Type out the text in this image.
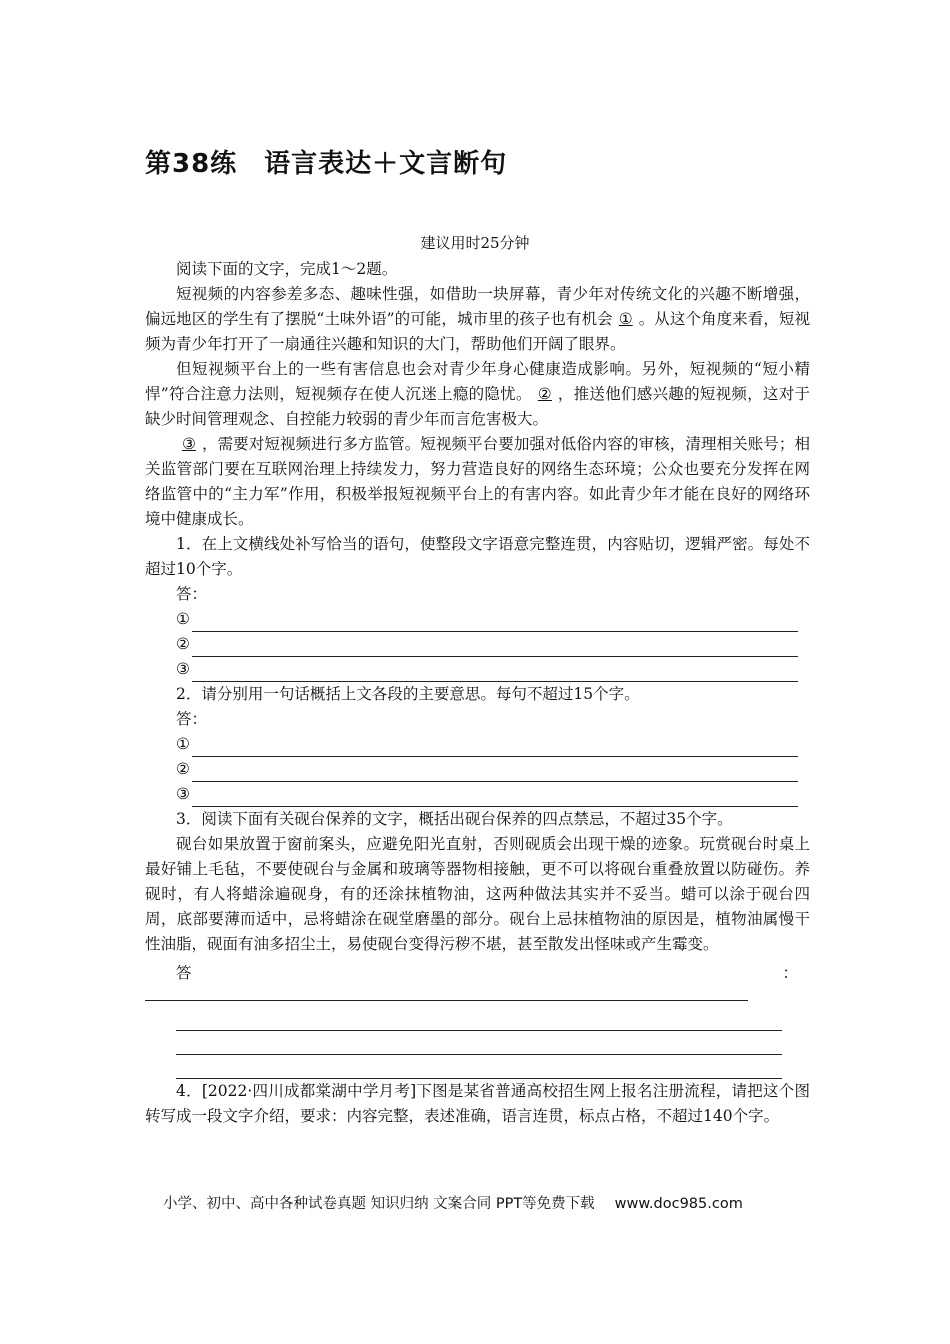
第38练　语言表达＋文言断句
建议用时25分钟

阅读下面的文字，完成1～2题。

短视频的内容参差多态、趣味性强，如借助一块屏幕，青少年对传统文化的兴趣不断增强，偏远地区的学生有了摆脱“土味外语”的可能，城市里的孩子也有机会 ① 。从这个角度来看，短视频为青少年打开了一扇通往兴趣和知识的大门，帮助他们开阔了眼界。

但短视频平台上的一些有害信息也会对青少年身心健康造成影响。另外，短视频的“短小精悍”符合注意力法则，短视频存在使人沉迷上瘾的隐忧。 ② ，推送他们感兴趣的短视频，这对于缺少时间管理观念、自控能力较弱的青少年而言危害极大。

③ ，需要对短视频进行多方监管。短视频平台要加强对低俗内容的审核，清理相关账号；相关监管部门要在互联网治理上持续发力，努力营造良好的网络生态环境；公众也要充分发挥在网络监管中的“主力军”作用，积极举报短视频平台上的有害内容。如此青少年才能在良好的网络环境中健康成长。

1．在上文横线处补写恰当的语句，使整段文字语意完整连贯，内容贴切，逻辑严密。每处不超过10个字。

答：

①
②
③

2．请分别用一句话概括上文各段的主要意思。每句不超过15个字。

答：

①
②
③

3．阅读下面有关砚台保养的文字，概括出砚台保养的四点禁忌，不超过35个字。

砚台如果放置于窗前案头，应避免阳光直射，否则砚质会出现干燥的迹象。玩赏砚台时桌上最好铺上毛毡，不要使砚台与金属和玻璃等器物相接触，更不可以将砚台重叠放置以防碰伤。养砚时，有人将蜡涂遍砚身，有的还涂抹植物油，这两种做法其实并不妥当。蜡可以涂于砚台四周，底部要薄而适中，忌将蜡涂在砚堂磨墨的部分。砚台上忌抹植物油的原因是，植物油属慢干性油脂，砚面有油多招尘土，易使砚台变得污秽不堪，甚至散发出怪味或产生霉变。

答	：

4．[2022·四川成都棠湖中学月考]下图是某省普通高校招生网上报名注册流程，请把这个图转写成一段文字介绍，要求：内容完整，表述准确，语言连贯，标点占格，不超过140个字。

小学、初中、高中各种试卷真题 知识归纳 文案合同 PPT等免费下载 www.doc985.com
